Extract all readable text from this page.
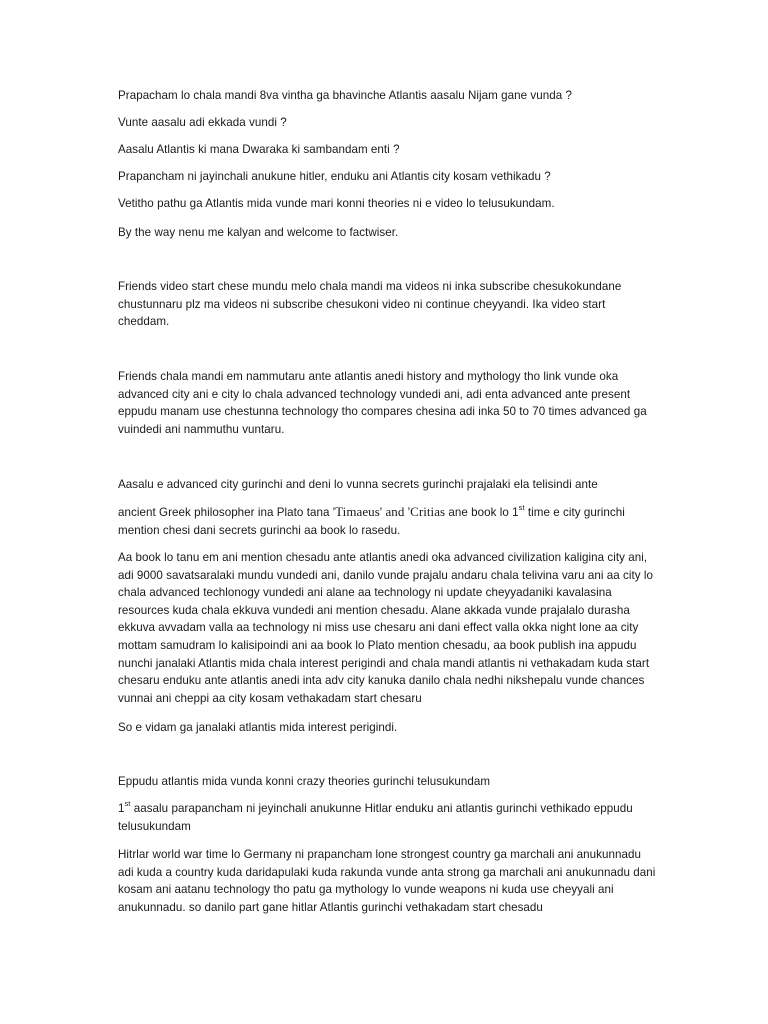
Prapacham lo chala mandi 8va vintha ga bhavinche Atlantis aasalu Nijam gane vunda ?

Vunte aasalu adi ekkada vundi ?

Aasalu Atlantis ki mana Dwaraka ki sambandam enti ?

Prapancham ni jayinchali anukune hitler, enduku ani Atlantis city kosam vethikadu ?

Vetitho pathu ga Atlantis mida vunde mari konni theories ni e video lo telusukundam.

By the way nenu me kalyan and welcome to factwiser.

Friends video start chese mundu melo chala mandi ma videos ni inka subscribe chesukokundane chustunnaru plz ma videos ni subscribe chesukoni video ni continue cheyyandi. Ika video start cheddam.

Friends chala mandi em nammutaru ante atlantis anedi history and mythology tho link vunde oka advanced city ani e city lo chala advanced technology vundedi ani, adi enta advanced ante present eppudu manam use chestunna technology tho compares chesina adi inka 50 to 70 times advanced ga vuindedi ani nammuthu vuntaru.

Aasalu e advanced city gurinchi and deni lo vunna secrets gurinchi prajalaki ela telisindi ante

ancient Greek philosopher ina Plato tana 'Timaeus' and 'Critias ane book lo 1st time e city gurinchi mention chesi dani secrets gurinchi aa book lo rasedu.

Aa book lo tanu em ani mention chesadu ante atlantis anedi oka advanced civilization kaligina city ani, adi 9000 savatsaralaki mundu vundedi ani, danilo vunde prajalu andaru chala telivina varu ani aa city lo chala advanced techlonogy vundedi ani alane aa technology ni update cheyyadaniki kavalasina resources kuda chala ekkuva vundedi ani mention chesadu. Alane akkada vunde prajalalo durasha ekkuva avvadam valla aa technology ni miss use chesaru ani dani effect valla okka night lone aa city mottam samudram lo kalisipoindi ani aa book lo Plato mention chesadu, aa book publish ina appudu nunchi janalaki Atlantis mida chala interest perigindi and chala mandi atlantis ni vethakadam kuda start chesaru enduku ante atlantis anedi inta adv city kanuka danilo chala nedhi nikshepalu vunde chances vunnai ani cheppi aa city kosam vethakadam start chesaru

So e vidam ga janalaki atlantis mida interest perigindi.

Eppudu atlantis mida vunda konni crazy theories gurinchi telusukundam

1st aasalu parapancham ni jeyinchali anukunne Hitlar enduku ani atlantis gurinchi vethikado eppudu telusukundam

Hitrlar world war time lo Germany ni prapancham lone strongest country ga marchali ani anukunnadu adi kuda a country kuda daridapulaki kuda rakunda vunde anta strong ga marchali ani anukunnadu dani kosam ani aatanu technology tho patu ga mythology lo vunde weapons ni kuda use cheyyali ani anukunnadu. so danilo part gane hitlar Atlantis gurinchi vethakadam start chesadu
